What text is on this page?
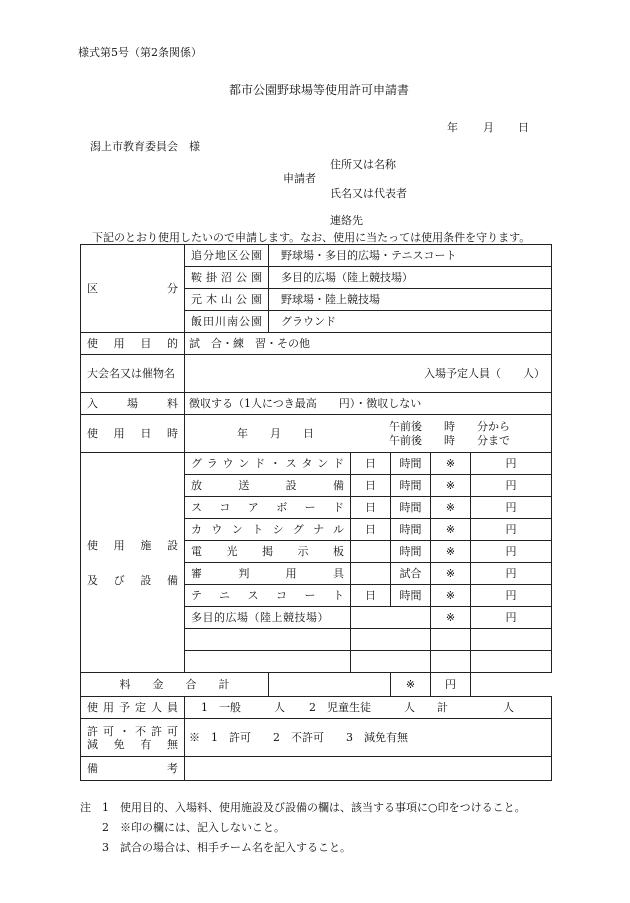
様式第5号（第2条関係）
都市公園野球場等使用許可申請書
年 月 日
潟上市教育委員会　様
住所又は名称
申請者
氏名又は代表者
連絡先
下記のとおり使用したいので申請します。なお、使用に当たっては使用条件を守ります。
区　　　　分	追分地区公園	野球場・多目的広場・テニスコート				

	鞍掛沼公園	多目的広場（陸上競技場）				

	元木山公園	野球場・陸上競技場				

	飯田川南公園	グラウンド				

使用目的	試　合・練　習・その他					
大会名又は催物名	入場予定人員（　　人）					

入場料	徴収する（1人につき最高　　円）・徴収しない					

使用日時	年　　月　　日
午前後　　時　　分から
午前後　　時　　分まで					

使用施設
及び設備	グラウンド・スタンド		日	時間	※	円

	放送設備		日	時間	※	円

	スコアボード		日	時間	※	円

	カウントシグナル		日	時間	※	円

	電光掲示板			時間	※	円

	審判用具			試合	※	円

	テニスコート		日	時間	※	円
	多目的広場（陸上競技場）				※	円

料　　金　　合　　計				※	円	

使用予定人員	1　一般　　　人 2　児童生徒　　　人 計　　　　　人					

許可・不許可
減免有無	※　1　許可　　2　不許可　　3　減免有無					

備　　　考						

注　1　使用目的、入場料、使用施設及び設備の欄は、該当する事項に○印をつけること。
2　※印の欄には、記入しないこと。
3　試合の場合は、相手チーム名を記入すること。
